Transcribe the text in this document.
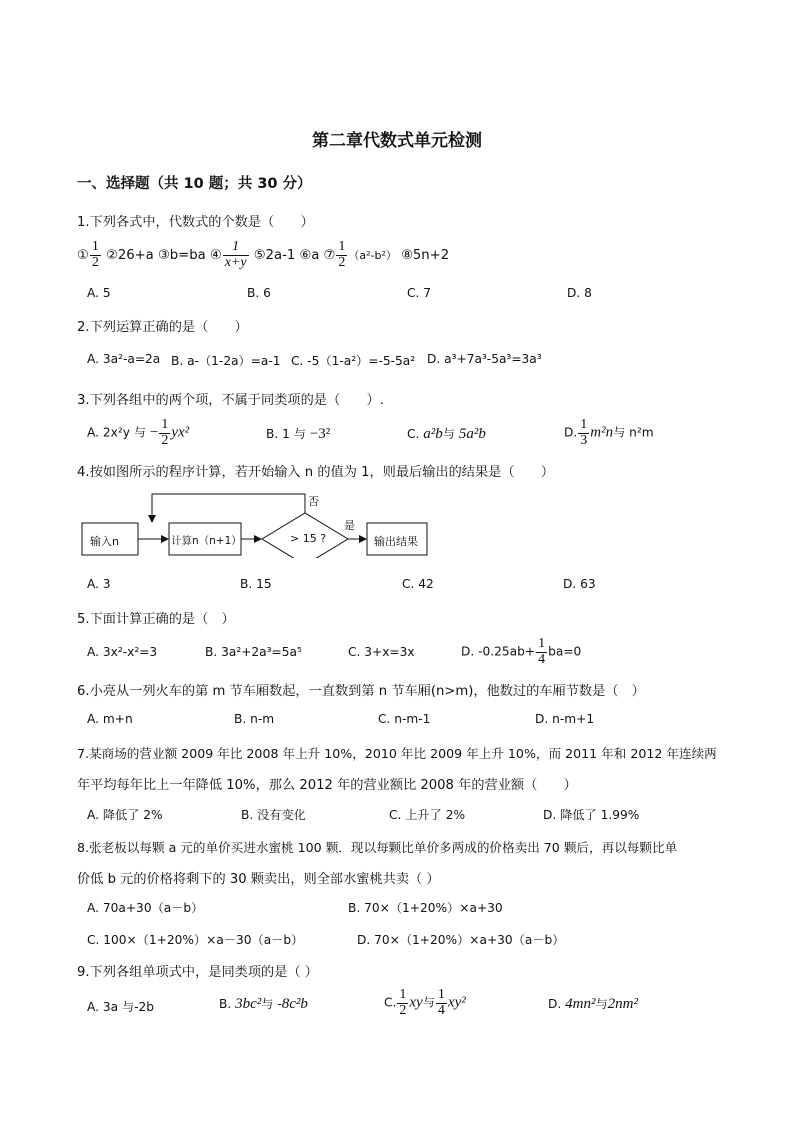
第二章代数式单元检测
一、选择题（共 10 题；共 30 分）
1.下列各式中，代数式的个数是（　　）
① $\frac{1}{2}$ ②26+a ③b=ba ④ $\frac{1}{x+y}$ ⑤2a-1 ⑥a ⑦ $\frac{1}{2} (a^2-b^2)$ ⑧5n+2
A. 5	B. 6	C. 7	D. 8
2.下列运算正确的是（　　）
A. 3a²-a=2a B. a-（1-2a）=a-1 C. -5（1-a²）=-5-5a² D. a³+7a³-5a³=3a³
3.下列各组中的两个项，不属于同类项的是（　　）.
A. 2x²y 与 − $\frac{1}{2} yx^2$	B. 1 与 −3²	C. a²b与 5a²b	D. $\frac{1}{3} m^2n$与 n²m
4.按如图所示的程序计算，若开始输入 n 的值为 1，则最后输出的结果是（　　）
输入n	计算n（n+1）	> 15 ?
是
否
输出结果
A. 3	B. 15	C. 42	D. 63
5.下面计算正确的是（　）
A. 3x²-x²=3	B. 3a²+2a³=5a⁵	C. 3+x=3x	D. $-0.25ab+ \frac{1}{4} ba=0$
6.小亮从一列火车的第 m 节车厢数起，一直数到第 n 节车厢(n>m)，他数过的车厢节数是（　）
A. m+n	B. n-m	C. n-m-1	D. n-m+1
7.某商场的营业额 2009 年比 2008 年上升 10%，2010 年比 2009 年上升 10%，而 2011 年和 2012 年连续两
年平均每年比上一年降低 10%，那么 2012 年的营业额比 2008 年的营业额（　　）
A. 降低了 2%	B. 没有变化	C. 上升了 2%	D. 降低了 1.99%
8.张老板以每颗 a 元的单价买进水蜜桃 100 颗．现以每颗比单价多两成的价格卖出 70 颗后，再以每颗比单
价低 b 元的价格将剩下的 30 颗卖出，则全部水蜜桃共卖（ ）
A. 70a+30（a－b）	B. 70×（1+20%）×a+30
C. 100×（1+20%）×a－30（a－b）	D. 70×（1+20%）×a+30（a－b）
9.下列各组单项式中，是同类项的是（ ）
A. 3a 与-2b	B. 3bc²与 -8c²b	C. $\frac{1}{2}$ xy与 $\frac{1}{4} xy^2$	D. 4mn²与2nm²
